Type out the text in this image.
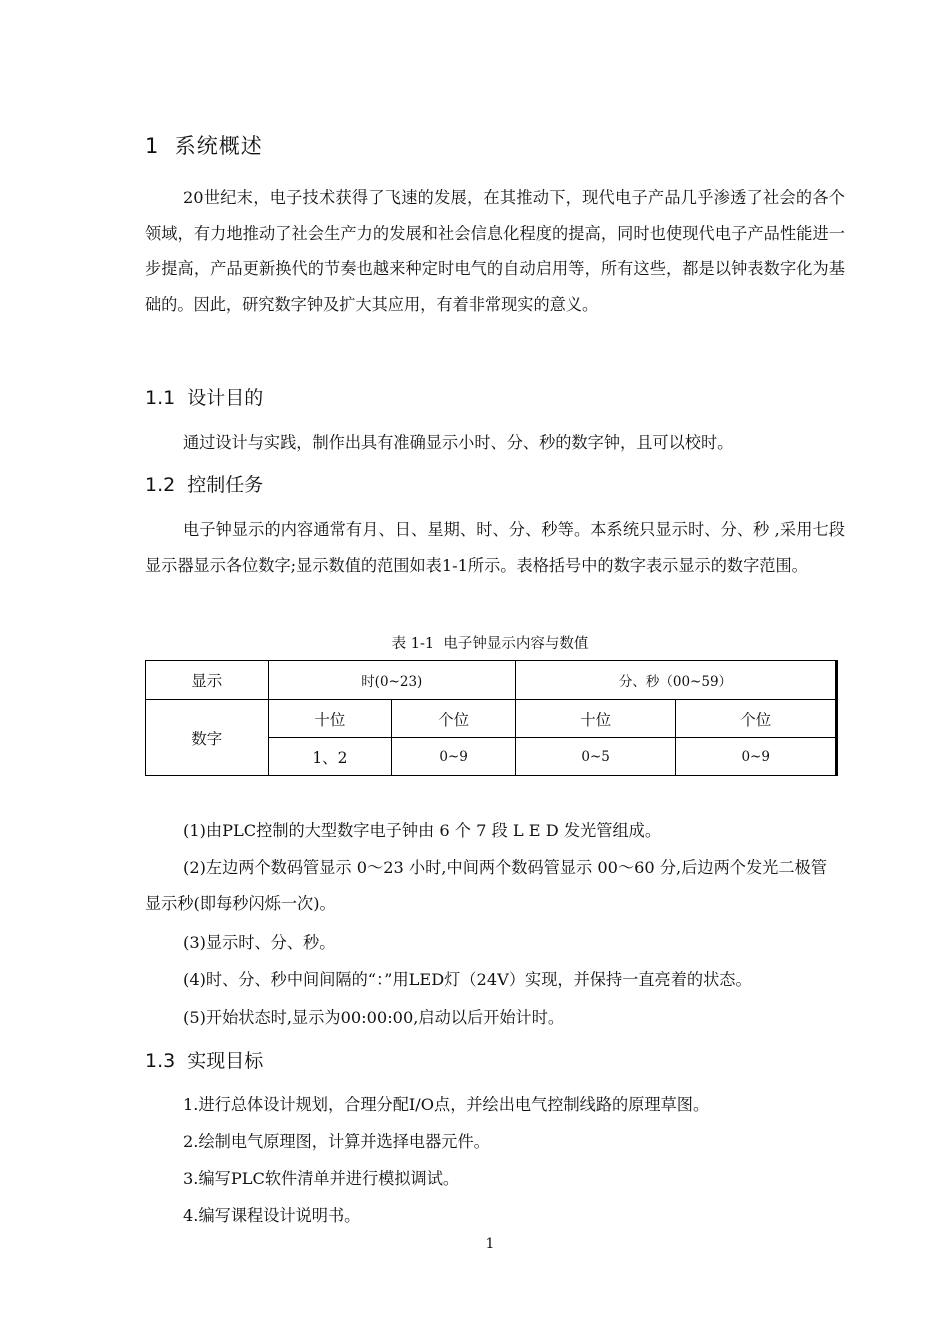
1  系统概述

20世纪末，电子技术获得了飞速的发展，在其推动下，现代电子产品几乎渗透了社会的各个领域，有力地推动了社会生产力的发展和社会信息化程度的提高，同时也使现代电子产品性能进一步提高，产品更新换代的节奏也越来种定时电气的自动启用等，所有这些，都是以钟表数字化为基础的。因此，研究数字钟及扩大其应用，有着非常现实的意义。

1.1  设计目的

通过设计与实践，制作出具有准确显示小时、分、秒的数字钟，且可以校时。

1.2  控制任务

电子钟显示的内容通常有月、日、星期、时、分、秒等。本系统只显示时、分、秒 ,采用七段显示器显示各位数字;显示数值的范围如表1-1所示。表格括号中的数字表示显示的数字范围。

表 1-1  电子钟显示内容与数值
显示	时(0~23)		分、秒（00~59）	
数字	十位	个位	十位	个位
	1、2	0~9	0~5	0~9

(1)由PLC控制的大型数字电子钟由 6 个 7 段 L E D 发光管组成。

(2)左边两个数码管显示 0～23 小时,中间两个数码管显示 00～60 分,后边两个发光二极管显示秒(即每秒闪烁一次)。

(3)显示时、分、秒。

(4)时、分、秒中间间隔的“：”用LED灯（24V）实现，并保持一直亮着的状态。

(5)开始状态时,显示为00:00:00,启动以后开始计时。

1.3  实现目标

1.进行总体设计规划，合理分配I/O点，并绘出电气控制线路的原理草图。

2.绘制电气原理图，计算并选择电器元件。

3.编写PLC软件清单并进行模拟调试。

4.编写课程设计说明书。

1
